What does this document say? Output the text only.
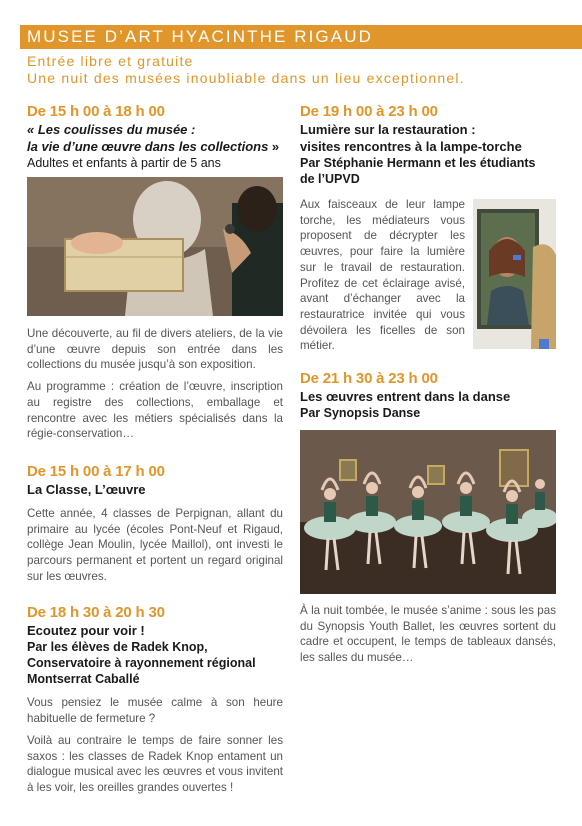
MUSEE D’ART HYACINTHE RIGAUD
Entrée libre et gratuite
Une nuit des musées inoubliable dans un lieu exceptionnel.
De 15 h 00 à 18 h 00
« Les coulisses du musée :
la vie d’une œuvre dans les collections »
Adultes et enfants à partir de 5 ans
Une découverte, au fil de divers ateliers, de la vie d’une œuvre depuis son entrée dans les collections du musée jusqu’à son exposition.
Au programme : création de l’œuvre, inscription au registre des collections, emballage et rencontre avec les métiers spécialisés dans la régie-conservation…
De 15 h 00 à 17 h 00
La Classe, L’œuvre
Cette année, 4 classes de Perpignan, allant du primaire au lycée (écoles Pont-Neuf et Rigaud, collège Jean Moulin, lycée Maillol), ont investi le parcours permanent et portent un regard original sur les œuvres.
De 18 h 30 à 20 h 30
Ecoutez pour voir !
Par les élèves de Radek Knop,
Conservatoire à rayonnement régional
Montserrat Caballé
Vous pensiez le musée calme à son heure habituelle de fermeture ?
Voilà au contraire le temps de faire sonner les saxos : les classes de Radek Knop entament un dialogue musical avec les œuvres et vous invitent à les voir, les oreilles grandes ouvertes !
De 19 h 00 à 23 h 00
Lumière sur la restauration :
visites rencontres à la lampe-torche
Par Stéphanie Hermann et les étudiants
de l’UPVD
Aux faisceaux de leur lampe torche, les médiateurs vous proposent de décrypter les œuvres, pour faire la lumière sur le travail de restauration. Profitez de cet éclairage avisé, avant d’échanger avec la restauratrice invitée qui vous dévoilera les ficelles de son métier.
De 21 h 30 à 23 h 00
Les œuvres entrent dans la danse
Par Synopsis Danse
À la nuit tombée, le musée s’anime : sous les pas du Synopsis Youth Ballet, les œuvres sortent du cadre et occupent, le temps de tableaux dansés, les salles du musée…
